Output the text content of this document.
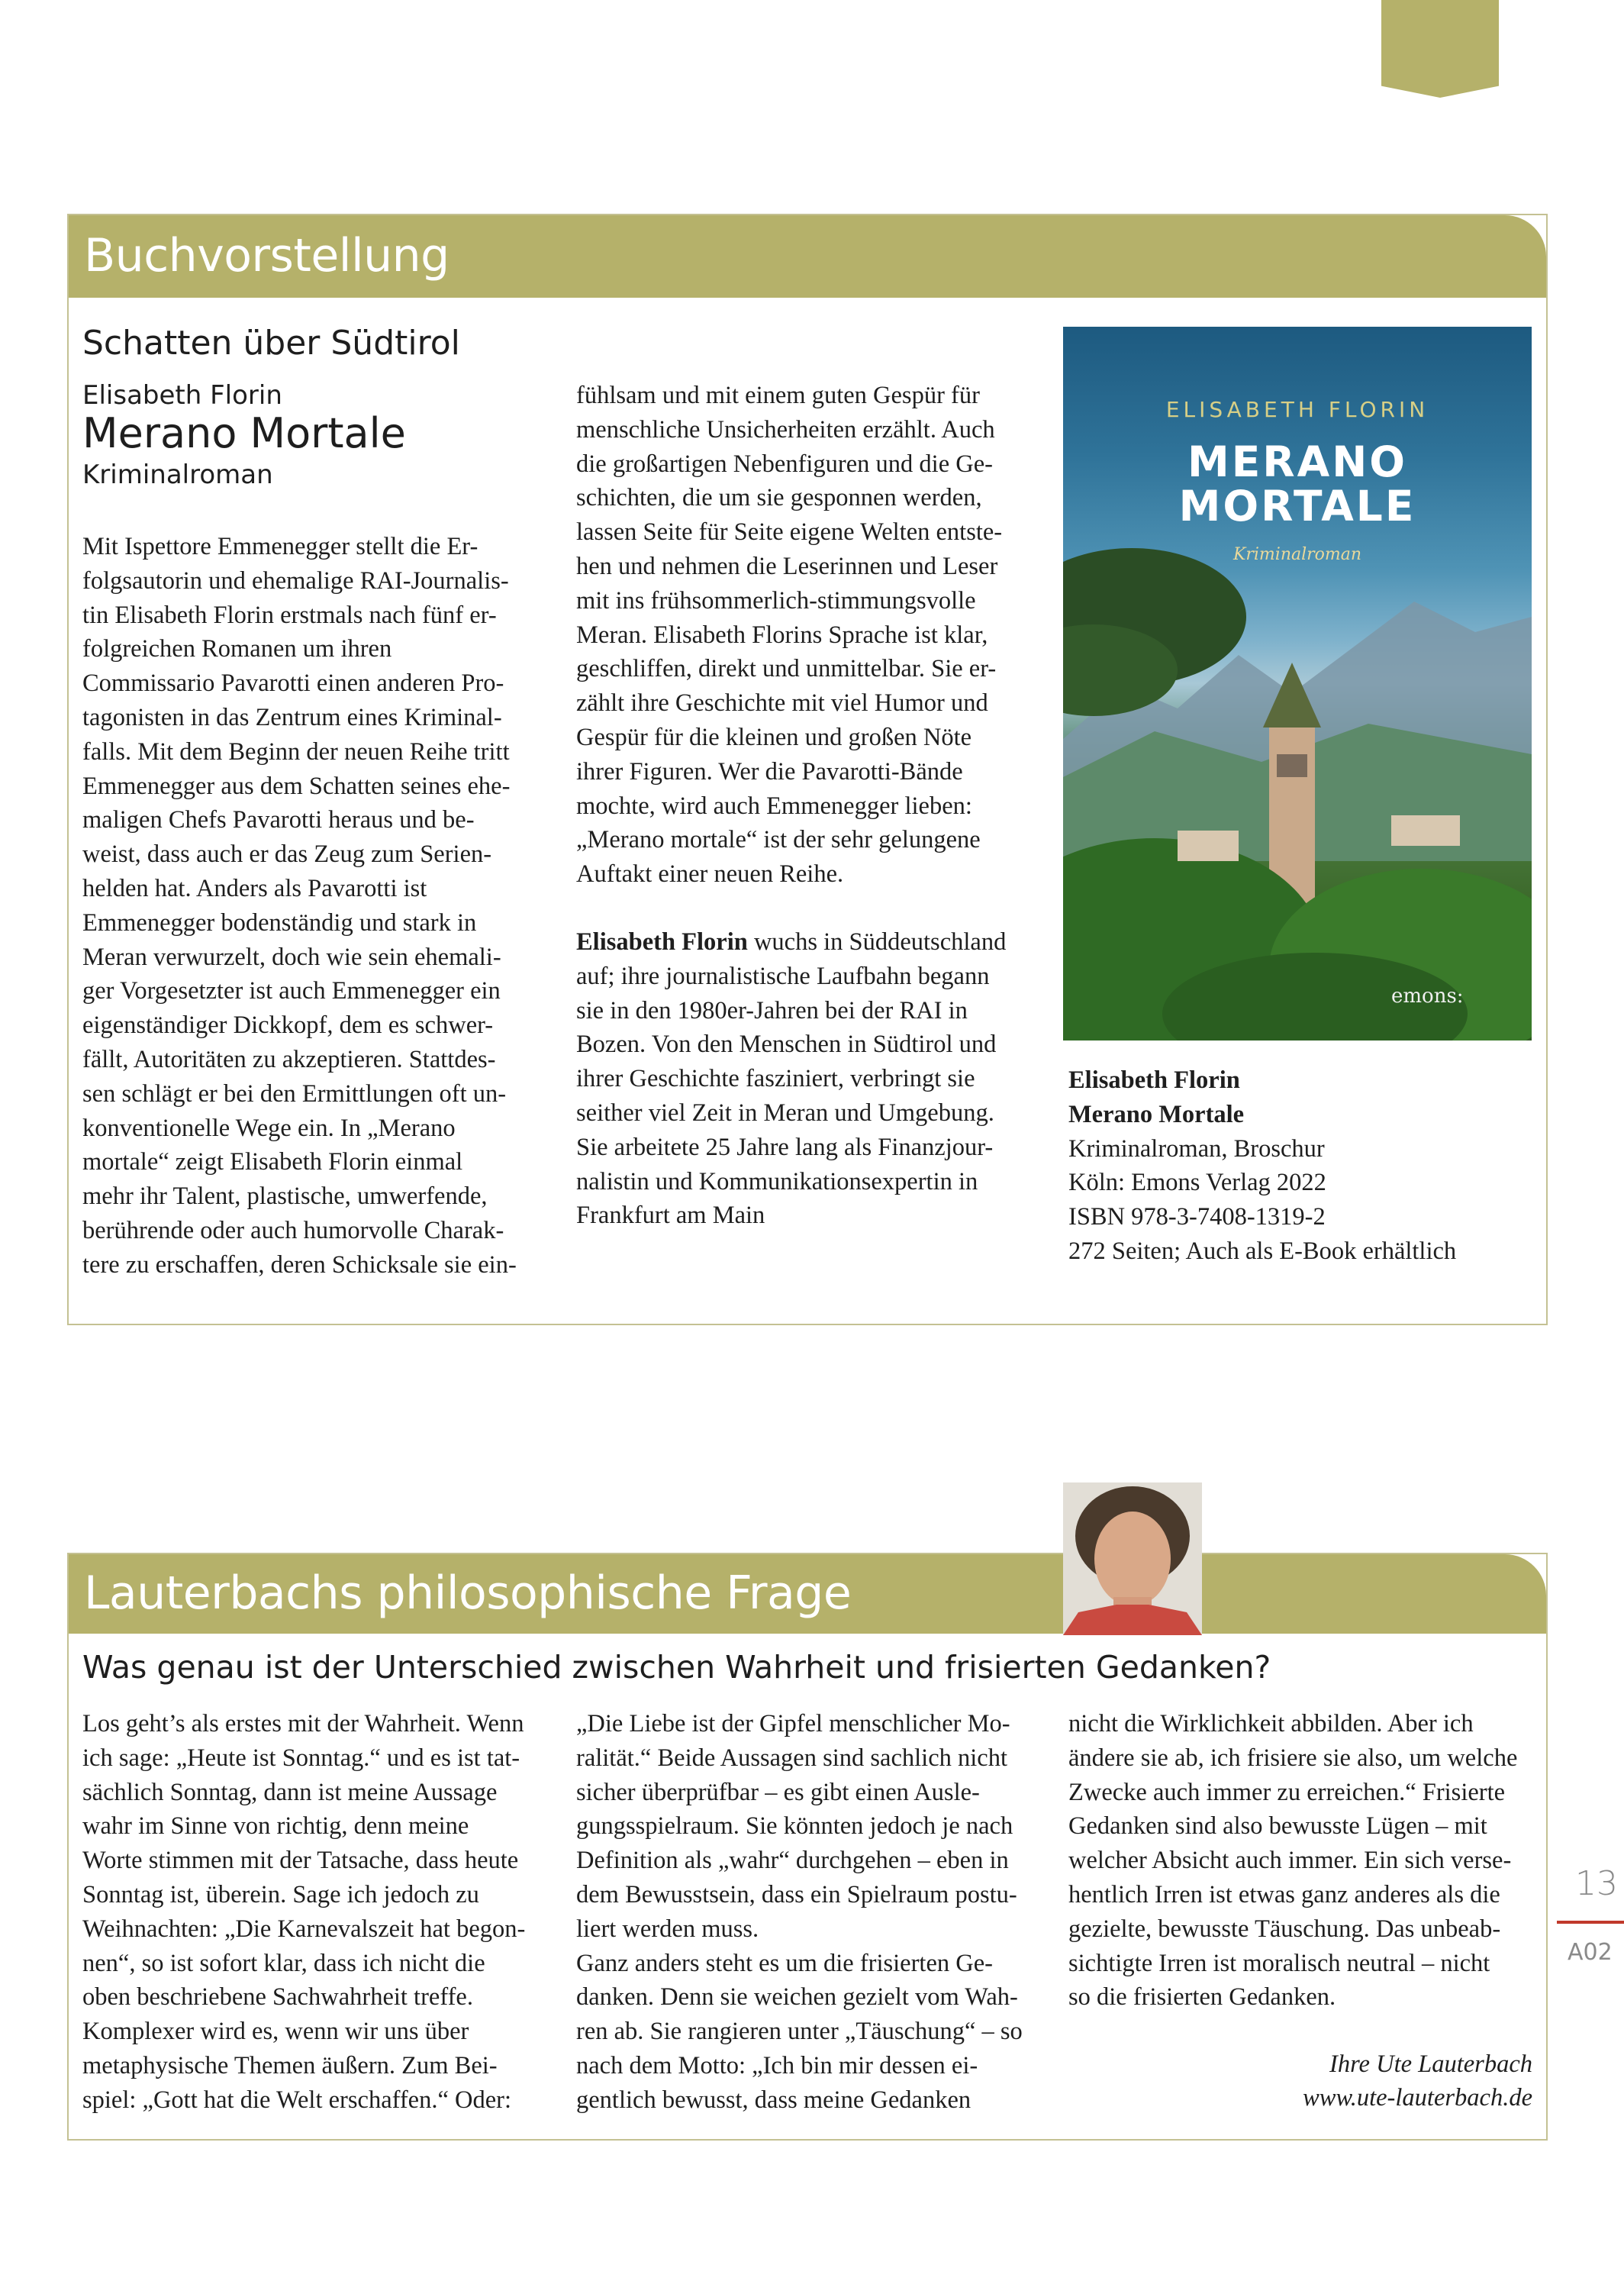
Buchvorstellung
Schatten über Südtirol
Elisabeth Florin
Merano Mortale
Kriminalroman
Mit Ispettore Emmenegger stellt die Er-
folgsautorin und ehemalige RAI-Journalis-
tin Elisabeth Florin erstmals nach fünf er-
folgreichen Romanen um ihren
Commissario Pavarotti einen anderen Pro-
tagonisten in das Zentrum eines Kriminal-
falls. Mit dem Beginn der neuen Reihe tritt
Emmenegger aus dem Schatten seines ehe-
maligen Chefs Pavarotti heraus und be-
weist, dass auch er das Zeug zum Serien-
helden hat. Anders als Pavarotti ist
Emmenegger bodenständig und stark in
Meran verwurzelt, doch wie sein ehemali-
ger Vorgesetzter ist auch Emmenegger ein
eigenständiger Dickkopf, dem es schwer-
fällt, Autoritäten zu akzeptieren. Stattdes-
sen schlägt er bei den Ermittlungen oft un-
konventionelle Wege ein. In „Merano
mortale“ zeigt Elisabeth Florin einmal
mehr ihr Talent, plastische, umwerfende,
berührende oder auch humorvolle Charak-
tere zu erschaffen, deren Schicksale sie ein-
fühlsam und mit einem guten Gespür für
menschliche Unsicherheiten erzählt. Auch
die großartigen Nebenfiguren und die Ge-
schichten, die um sie gesponnen werden,
lassen Seite für Seite eigene Welten entste-
hen und nehmen die Leserinnen und Leser
mit ins frühsommerlich-stimmungsvolle
Meran. Elisabeth Florins Sprache ist klar,
geschliffen, direkt und unmittelbar. Sie er-
zählt ihre Geschichte mit viel Humor und
Gespür für die kleinen und großen Nöte
ihrer Figuren. Wer die Pavarotti-Bände
mochte, wird auch Emmenegger lieben:
„Merano mortale“ ist der sehr gelungene
Auftakt einer neuen Reihe.
Elisabeth Florin wuchs in Süddeutschland
auf; ihre journalistische Laufbahn begann
sie in den 1980er-Jahren bei der RAI in
Bozen. Von den Menschen in Südtirol und
ihrer Geschichte fasziniert, verbringt sie
seither viel Zeit in Meran und Umgebung.
Sie arbeitete 25 Jahre lang als Finanzjour-
nalistin und Kommunikationsexpertin in
Frankfurt am Main
ELISABETH FLORIN
MERANO
MORTALE
Kriminalroman
emons:
Elisabeth Florin
Merano Mortale
Kriminalroman, Broschur
Köln: Emons Verlag 2022
ISBN 978-3-7408-1319-2
272 Seiten; Auch als E-Book erhältlich
Lauterbachs philosophische Frage
Was genau ist der Unterschied zwischen Wahrheit und frisierten Gedanken?
Los geht’s als erstes mit der Wahrheit. Wenn
ich sage: „Heute ist Sonntag.“ und es ist tat-
sächlich Sonntag, dann ist meine Aussage
wahr im Sinne von richtig, denn meine
Worte stimmen mit der Tatsache, dass heute
Sonntag ist, überein. Sage ich jedoch zu
Weihnachten: „Die Karnevalszeit hat begon-
nen“, so ist sofort klar, dass ich nicht die
oben beschriebene Sachwahrheit treffe.
Komplexer wird es, wenn wir uns über
metaphysische Themen äußern. Zum Bei-
spiel: „Gott hat die Welt erschaffen.“ Oder:
„Die Liebe ist der Gipfel menschlicher Mo-
ralität.“ Beide Aussagen sind sachlich nicht
sicher überprüfbar – es gibt einen Ausle-
gungsspielraum. Sie könnten jedoch je nach
Definition als „wahr“ durchgehen – eben in
dem Bewusstsein, dass ein Spielraum postu-
liert werden muss.
Ganz anders steht es um die frisierten Ge-
danken. Denn sie weichen gezielt vom Wah-
ren ab. Sie rangieren unter „Täuschung“ – so
nach dem Motto: „Ich bin mir dessen ei-
gentlich bewusst, dass meine Gedanken
nicht die Wirklichkeit abbilden. Aber ich
ändere sie ab, ich frisiere sie also, um welche
Zwecke auch immer zu erreichen.“ Frisierte
Gedanken sind also bewusste Lügen – mit
welcher Absicht auch immer. Ein sich verse-
hentlich Irren ist etwas ganz anderes als die
gezielte, bewusste Täuschung. Das unbeab-
sichtigte Irren ist moralisch neutral – nicht
so die frisierten Gedanken.
Ihre Ute Lauterbach
www.ute-lauterbach.de
13
A02
